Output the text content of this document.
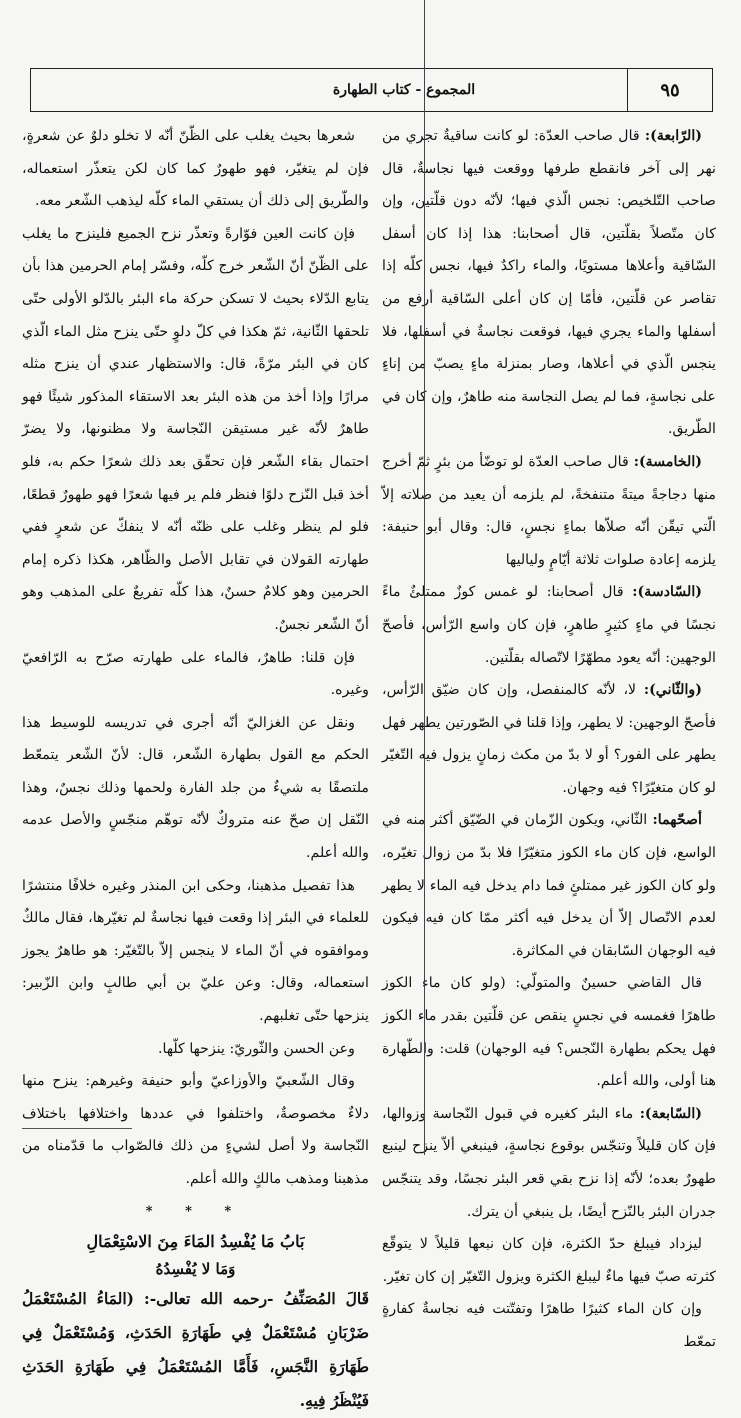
المجموع - كتاب الطهارة	٩٥

(الرّابعة): قال صاحب العدّة: لو كانت ساقيةٌ تجري من نهر إلى آخر فانقطع طرفها ووقعت فيها نجاسةٌ، قال صاحب التّلخيص: نجس الّذي فيها؛ لأنّه دون قلّتين، وإن كان متّصلاً بقلّتين، قال أصحابنا: هذا إذا كان أسفل السّاقية وأعلاها مستويًا، والماء راكدٌ فيها، نجس كلّه إذا تقاصر عن قلّتين، فأمّا إن كان أعلى السّاقية أرفع من أسفلها والماء يجري فيها، فوقعت نجاسةٌ في أسفلها، فلا ينجس الّذي في أعلاها، وصار بمنزلة ماءٍ يصبّ من إناءٍ على نجاسةٍ، فما لم يصل النجاسة منه طاهرٌ، وإن كان في الطّريق.

(الخامسة): قال صاحب العدّة لو توضّأ من بئرٍ ثمّ أخرج منها دجاجةً ميتةً متنفخةً، لم يلزمه أن يعيد من صلاته إلاّ الّتي تيقّن أنّه صلاّها بماءٍ نجسٍ، قال: وقال أبو حنيفة: يلزمه إعادة صلوات ثلاثة أيّامٍ ولياليها

(السّادسة): قال أصحابنا: لو غمس كوزٌ ممتلئٌ ماءً نجسًا في ماءٍ كثيرٍ طاهرٍ، فإن كان واسع الرّأس، فأصحّ الوجهين: أنّه يعود مطهّرًا لاتّصاله بقلّتين.

(والثّاني): لا، لأنّه كالمنفصل، وإن كان ضيّق الرّأس، فأصحّ الوجهين: لا يطهر، وإذا قلنا في الصّورتين يطهر فهل يطهر على الفور؟ أو لا بدّ من مكث زمانٍ يزول فيه التّغيّر لو كان متغيّرًا؟ فيه وجهان.

أصحّهما: الثّاني، ويكون الزّمان في الضّيّق أكثر منه في الواسع، فإن كان ماء الكوز متغيّرًا فلا بدّ من زوال تغيّره، ولو كان الكوز غير ممتلئٍ فما دام يدخل فيه الماء لا يطهر لعدم الاتّصال إلاّ أن يدخل فيه أكثر ممّا كان فيه فيكون فيه الوجهان السّابقان في المكاثرة.

قال القاضي حسينٌ والمتولّي: (ولو كان ماء الكوز طاهرًا فغمسه في نجسٍ ينقص عن قلّتين بقدر ماء الكوز فهل يحكم بطهارة النّجس؟ فيه الوجهان) قلت: والطّهارة هنا أولى، والله أعلم.

(السّابعة): ماء البئر كغيره في قبول النّجاسة وزوالها، فإن كان قليلاً وتنجّس بوقوع نجاسةٍ، فينبغي ألاّ ينزح لينبع طهورٌ بعده؛ لأنّه إذا نزح بقي قعر البئر نجسًا، وقد يتنجّس جدران البئر بالنّزح أيضًا، بل ينبغي أن يترك.

ليزداد فيبلغ حدّ الكثرة، فإن كان نبعها قليلاً لا يتوقّع كثرته صبّ فيها ماءٌ ليبلغ الكثرة ويزول التّغيّر إن كان تغيّر.

وإن كان الماء كثيرًا طاهرًا وتفتّتت فيه نجاسةٌ كفارةٍ تمعّط

شعرها بحيث يغلب على الظّنّ أنّه لا تخلو دلوٌ عن شعرةٍ، فإن لم يتغيّر، فهو طهورٌ كما كان لكن يتعذّر استعماله، والطّريق إلى ذلك أن يستقي الماء كلّه ليذهب الشّعر معه.

فإن كانت العين فوّارةً وتعذّر نزح الجميع فلينزح ما يغلب على الظّنّ أنّ الشّعر خرج كلّه، وفسّر إمام الحرمين هذا بأن يتابع الدّلاء بحيث لا تسكن حركة ماء البئر بالدّلو الأولى حتّى تلحقها الثّانية، ثمّ هكذا في كلّ دلوٍ حتّى ينزح مثل الماء الّذي كان في البئر مرّةً، قال: والاستظهار عندي أن ينزح مثله مرارًا وإذا أخذ من هذه البئر بعد الاستقاء المذكور شيئًا فهو طاهرٌ لأنّه غير مستيقن النّجاسة ولا مظنونها، ولا يضرّ احتمال بقاء الشّعر فإن تحقّق بعد ذلك شعرًا حكم به، فلو أخذ قبل النّزح دلوًا فنظر فلم ير فيها شعرًا فهو طهورٌ قطعًا، فلو لم ينظر وغلب على ظنّه أنّه لا ينفكّ عن شعرٍ ففي طهارته القولان في تقابل الأصل والظّاهر، هكذا ذكره إمام الحرمين وهو كلامٌ حسنٌ، هذا كلّه تفريعٌ على المذهب وهو أنّ الشّعر نجسٌ.

فإن قلنا: طاهرٌ، فالماء على طهارته صرّح به الرّافعيّ وغيره.

ونقل عن الغزاليّ أنّه أجرى في تدريسه للوسيط هذا الحكم مع القول بطهارة الشّعر، قال: لأنّ الشّعر يتمعّط ملتصقًا به شيءٌ من جلد الفارة ولحمها وذلك نجسٌ، وهذا النّقل إن صحّ عنه متروكٌ لأنّه توهّم منجّسٍ والأصل عدمه والله أعلم.

هذا تفصيل مذهبنا، وحكى ابن المنذر وغيره خلافًا منتشرًا للعلماء في البئر إذا وقعت فيها نجاسةٌ لم تغيّرها، فقال مالكٌ وموافقوه في أنّ الماء لا ينجس إلاّ بالتّغيّر: هو طاهرٌ يجوز استعماله، وقال: وعن عليّ بن أبي طالبٍ وابن الزّبير: ينزحها حتّى تغلبهم.

وعن الحسن والثّوريّ: ينزحها كلّها.

وقال الشّعبيّ والأوزاعيّ وأبو حنيفة وغيرهم: ينزح منها دلاءٌ مخصوصةٌ، واختلفوا في عددها واختلافها باختلاف النّجاسة ولا أصل لشيءٍ من ذلك فالصّواب ما قدّمناه من مذهبنا ومذهب مالكٍ والله أعلم.

* * *
بَابُ مَا يُفْسِدُ المَاءَ مِنَ الاسْتِعْمَالِ
وَمَا لا يُفْسِدُهُ

قَالَ المُصَنِّفُ -رحمه الله تعالى-: (المَاءُ المُسْتَعْمَلُ ضَرْبَانِ مُسْتَعْمَلٌ فِي طَهَارَةِ الحَدَثِ، وَمُسْتَعْمَلٌ فِي طَهَارَةِ النَّجَسِ، فَأَمَّا المُسْتَعْمَلُ فِي طَهَارَةِ الحَدَثِ فَيُنْظَرُ فِيهِ.
